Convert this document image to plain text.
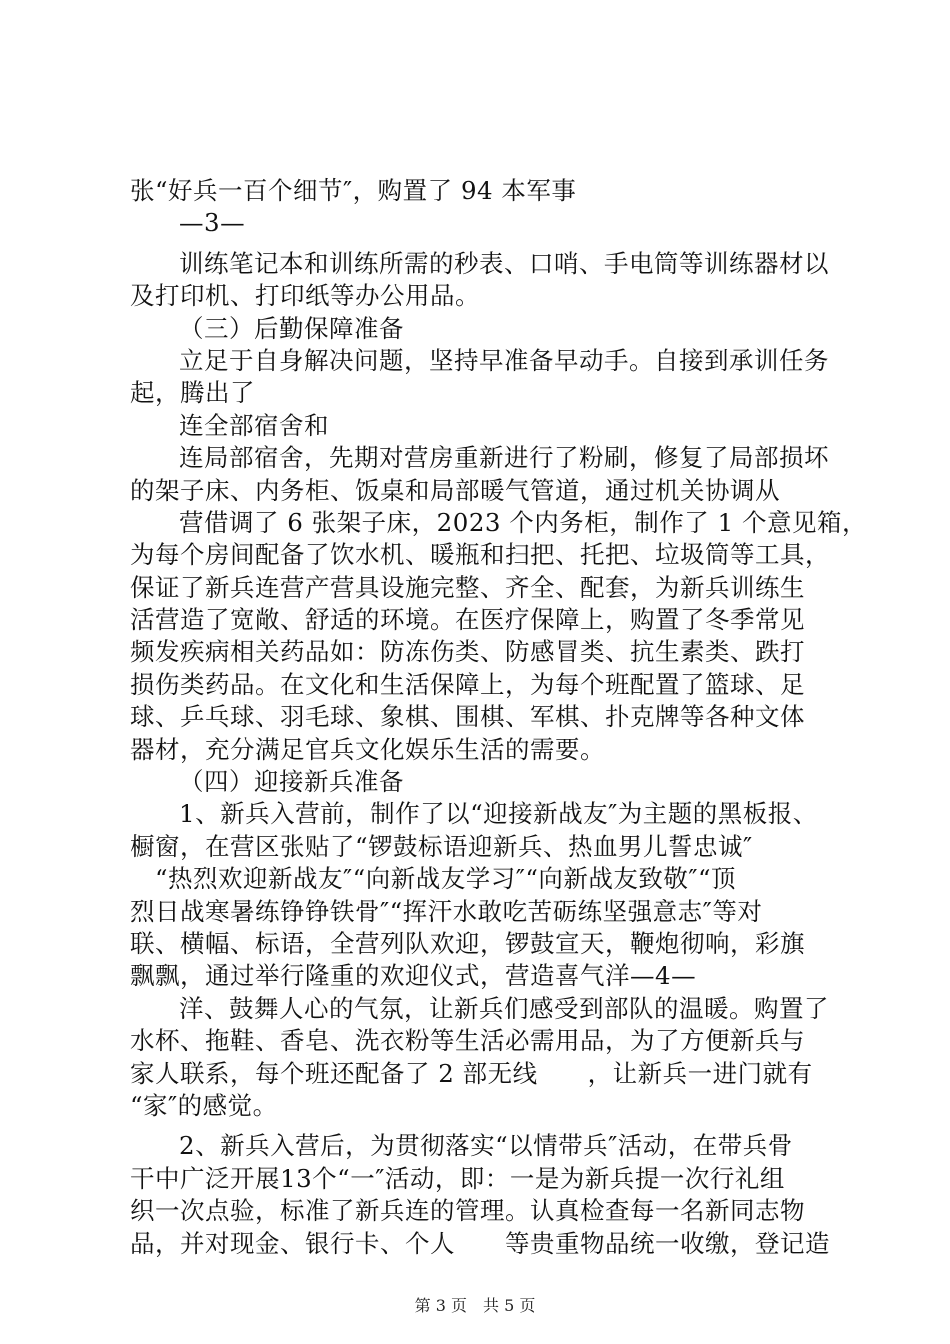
张“好兵一百个细节″，购置了 94 本军事
—3—
训练笔记本和训练所需的秒表、口哨、手电筒等训练器材以
及打印机、打印纸等办公用品。
（三）后勤保障准备
立足于自身解决问题，坚持早准备早动手。自接到承训任务
起，腾出了
连全部宿舍和
连局部宿舍，先期对营房重新进行了粉刷，修复了局部损坏
的架子床、内务柜、饭桌和局部暖气管道，通过机关协调从
营借调了 6 张架子床，2023 个内务柜，制作了 1 个意见箱，
为每个房间配备了饮水机、暖瓶和扫把、托把、垃圾筒等工具，
保证了新兵连营产营具设施完整、齐全、配套，为新兵训练生
活营造了宽敞、舒适的环境。在医疗保障上，购置了冬季常见
频发疾病相关药品如：防冻伤类、防感冒类、抗生素类、跌打
损伤类药品。在文化和生活保障上，为每个班配置了篮球、足
球、乒乓球、羽毛球、象棋、围棋、军棋、扑克牌等各种文体
器材，充分满足官兵文化娱乐生活的需要。
（四）迎接新兵准备
1、新兵入营前，制作了以“迎接新战友″为主题的黑板报、
橱窗，在营区张贴了“锣鼓标语迎新兵、热血男儿誓忠诚″
“热烈欢迎新战友″“向新战友学习″“向新战友致敬″“顶
烈日战寒暑练铮铮铁骨″“挥汗水敢吃苦砺练坚强意志″等对
联、横幅、标语，全营列队欢迎，锣鼓宣天，鞭炮彻响，彩旗
飘飘，通过举行隆重的欢迎仪式，营造喜气洋—4—
洋、鼓舞人心的气氛，让新兵们感受到部队的温暖。购置了
水杯、拖鞋、香皂、洗衣粉等生活必需用品，为了方便新兵与
家人联系，每个班还配备了 2 部无线　　，让新兵一进门就有
“家″的感觉。
2、新兵入营后，为贯彻落实“以情带兵″活动，在带兵骨
干中广泛开展13个“一″活动，即：一是为新兵提一次行礼组
织一次点验，标准了新兵连的管理。认真检查每一名新同志物
品，并对现金、银行卡、个人　　等贵重物品统一收缴，登记造
第 3 页　共 5 页
